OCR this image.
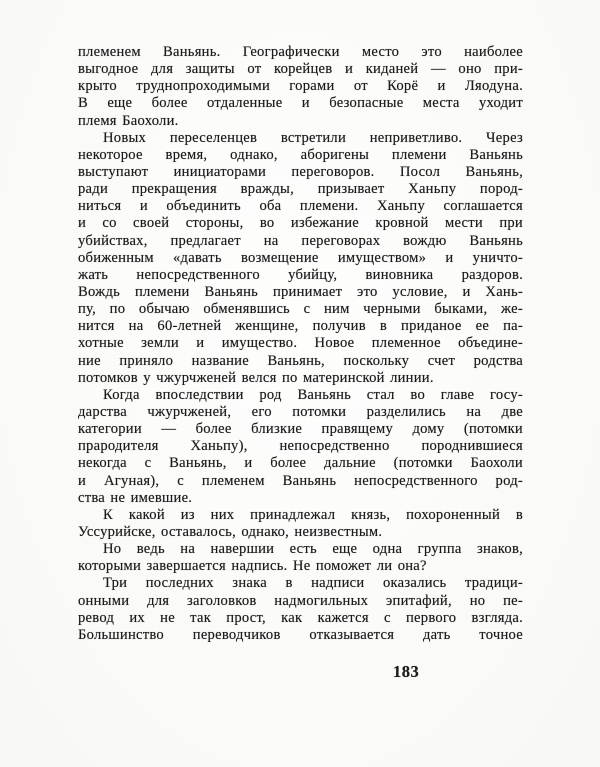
племенем Ваньянь. Географически место это наиболее
выгодное для защиты от корейцев и киданей — оно при-
крыто труднопроходимыми горами от Корё и Ляодуна.
В еще более отдаленные и безопасные места уходит
племя Баохоли.
Новых переселенцев встретили неприветливо. Через
некоторое время, однако, аборигены племени Ваньянь
выступают инициаторами переговоров. Посол Ваньянь,
ради прекращения вражды, призывает Ханьпу пород-
ниться и объединить оба племени. Ханьпу соглашается
и со своей стороны, во избежание кровной мести при
убийствах, предлагает на переговорах вождю Ваньянь
обиженным «давать возмещение имуществом» и уничто-
жать непосредственного убийцу, виновника раздоров.
Вождь племени Ваньянь принимает это условие, и Хань-
пу, по обычаю обменявшись с ним черными быками, же-
нится на 60-летней женщине, получив в приданое ее па-
хотные земли и имущество. Новое племенное объедине-
ние приняло название Ваньянь, поскольку счет родства
потомков у чжурчженей велся по материнской линии.
Когда впоследствии род Ваньянь стал во главе госу-
дарства чжурчженей, его потомки разделились на две
категории — более близкие правящему дому (потомки
прародителя Ханьпу), непосредственно породнившиеся
некогда с Ваньянь, и более дальние (потомки Баохоли
и Агуная), с племенем Ваньянь непосредственного род-
ства не имевшие.
К какой из них принадлежал князь, похороненный в
Уссурийске, оставалось, однако, неизвестным.
Но ведь на навершии есть еще одна группа знаков,
которыми завершается надпись. Не поможет ли она?
Три последних знака в надписи оказались традици-
онными для заголовков надмогильных эпитафий, но пе-
ревод их не так прост, как кажется с первого взгляда.
Большинство переводчиков отказывается дать точное
183
